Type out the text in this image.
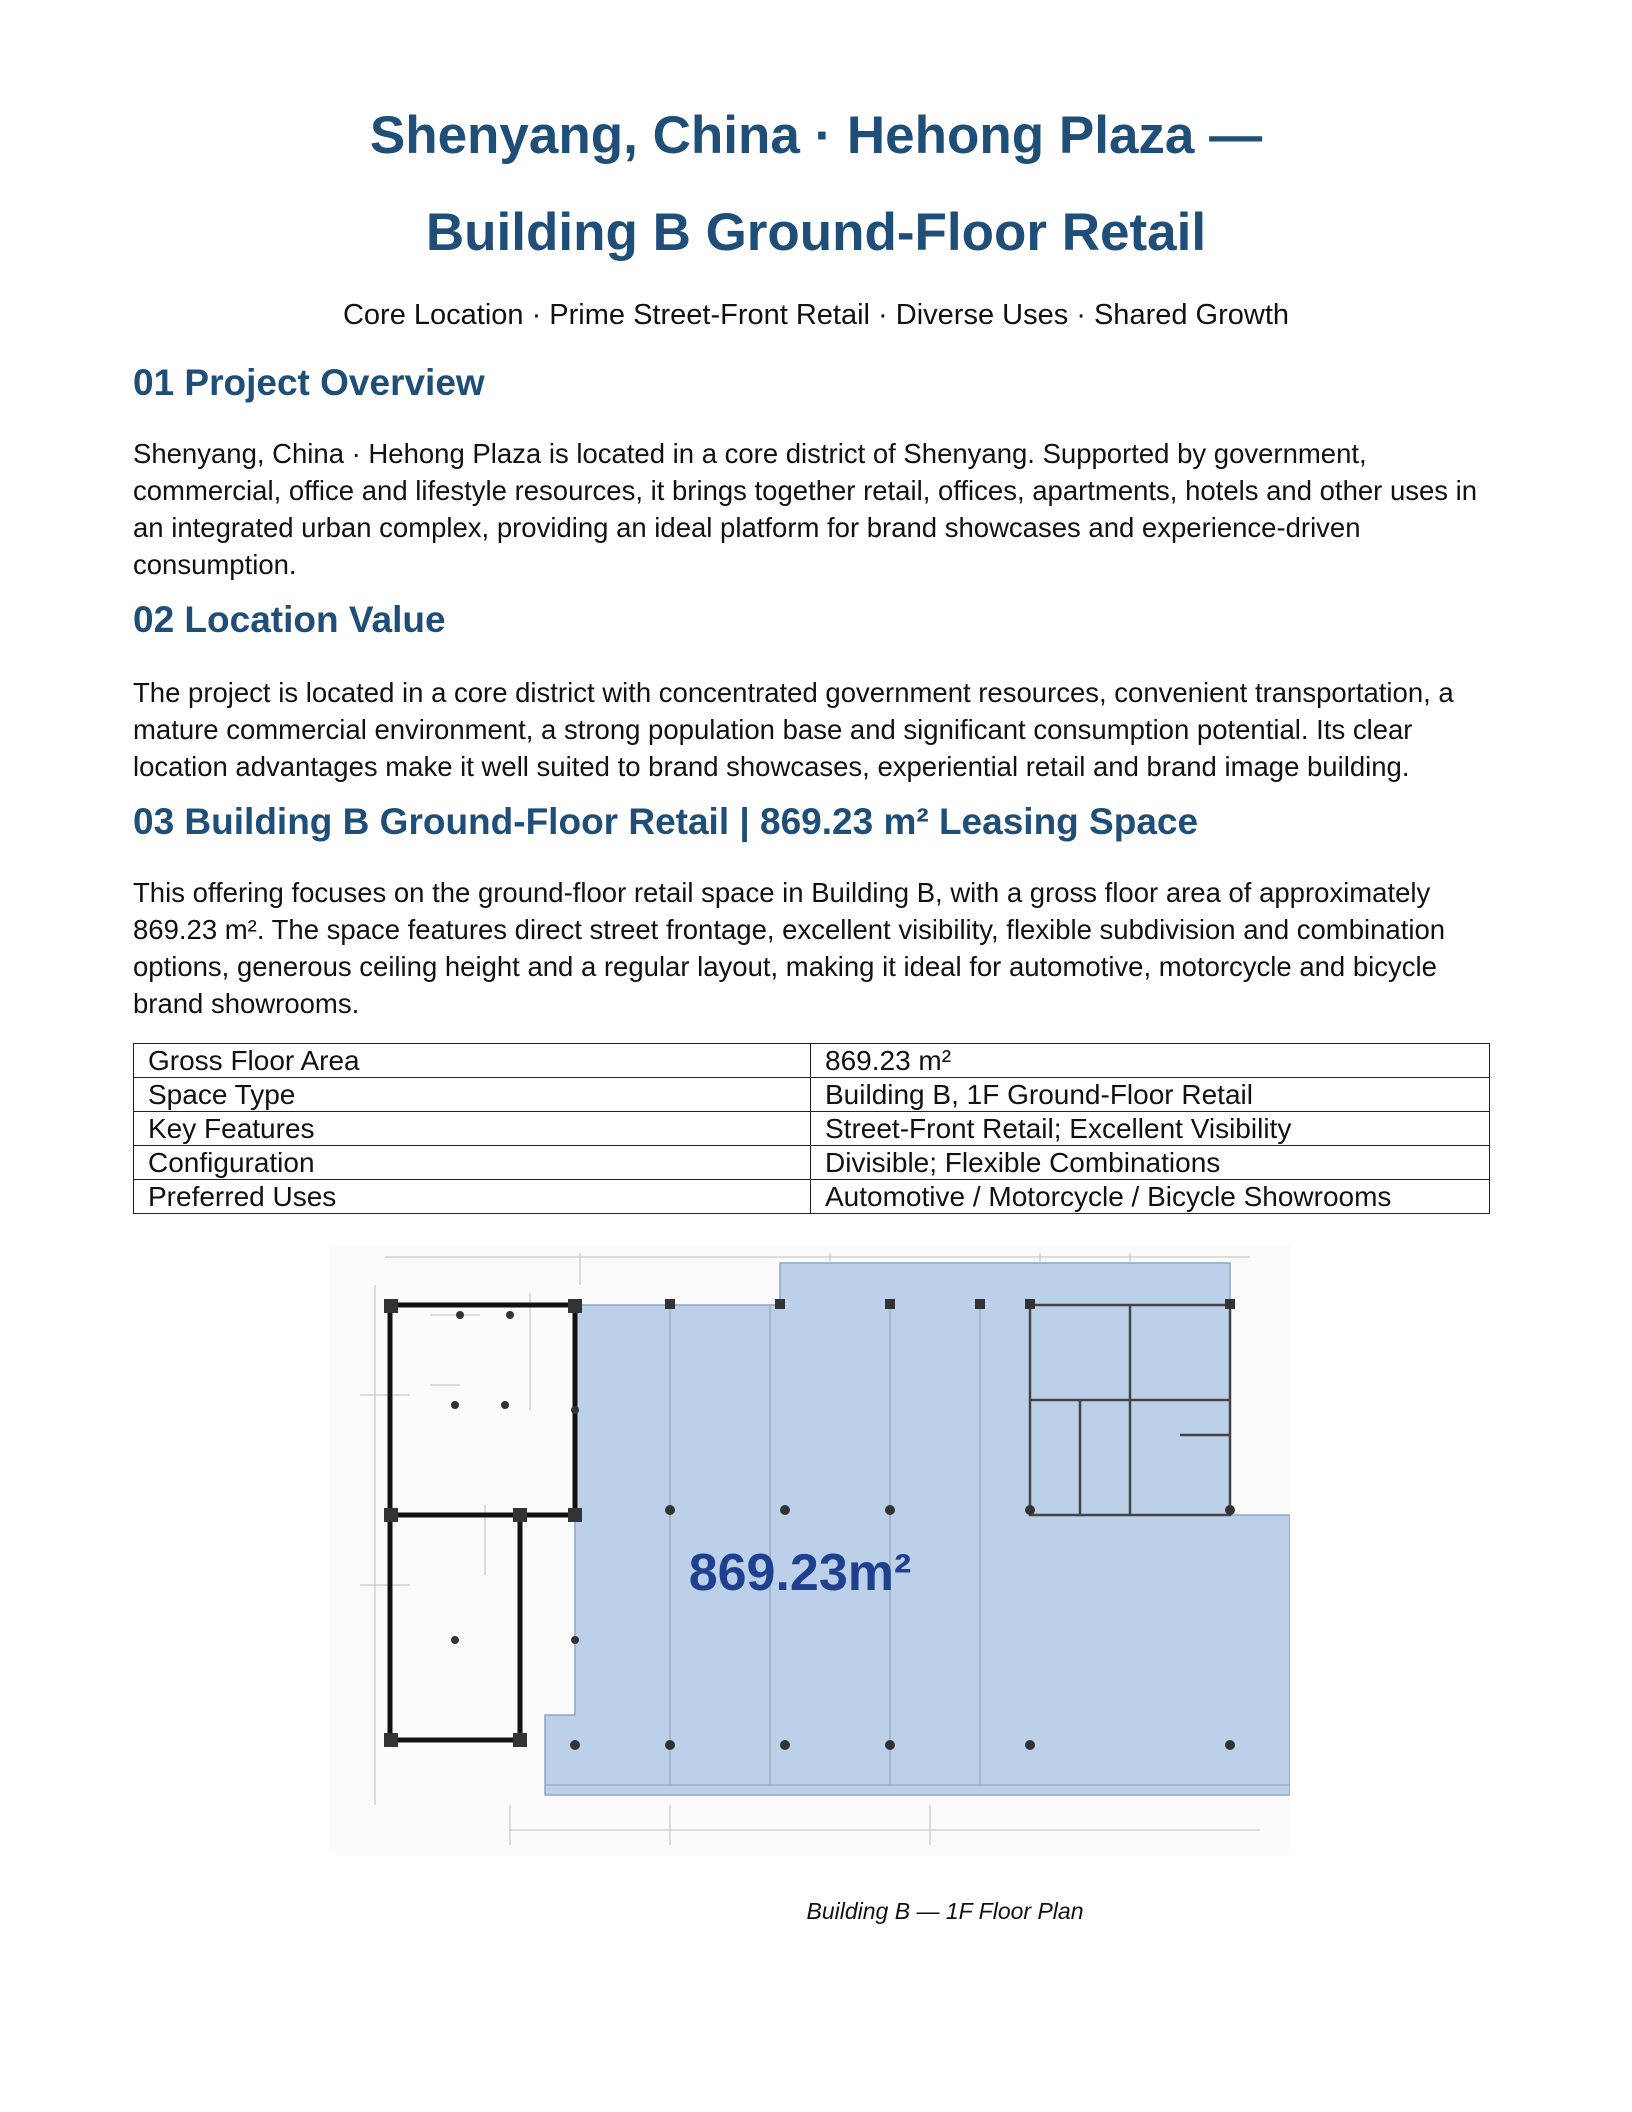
Shenyang, China · Hehong Plaza —
Building B Ground-Floor Retail

Core Location · Prime Street-Front Retail · Diverse Uses · Shared Growth

01 Project Overview

Shenyang, China · Hehong Plaza is located in a core district of Shenyang. Supported by government, commercial, office and lifestyle resources, it brings together retail, offices, apartments, hotels and other uses in an integrated urban complex, providing an ideal platform for brand showcases and experience-driven consumption.

02 Location Value

The project is located in a core district with concentrated government resources, convenient transportation, a mature commercial environment, a strong population base and significant consumption potential. Its clear location advantages make it well suited to brand showcases, experiential retail and brand image building.

03 Building B Ground-Floor Retail | 869.23 m² Leasing Space

This offering focuses on the ground-floor retail space in Building B, with a gross floor area of approximately 869.23 m². The space features direct street frontage, excellent visibility, flexible subdivision and combination options, generous ceiling height and a regular layout, making it ideal for automotive, motorcycle and bicycle brand showrooms.

Gross Floor Area	869.23 m²
Space Type	Building B, 1F Ground-Floor Retail
Key Features	Street-Front Retail; Excellent Visibility
Configuration	Divisible; Flexible Combinations
Preferred Uses	Automotive / Motorcycle / Bicycle Showrooms
869.23m²

Building B — 1F Floor Plan
